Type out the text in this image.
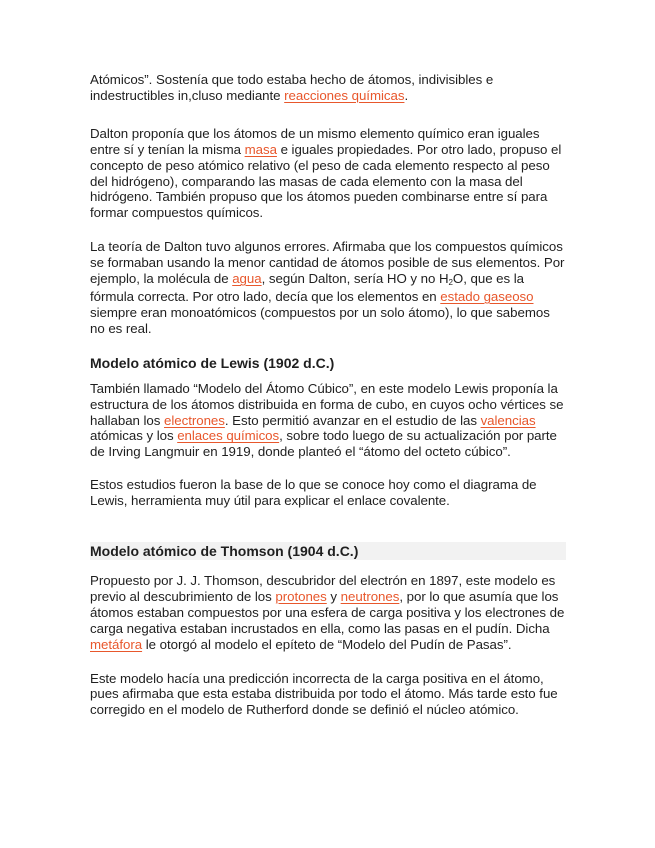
Atómicos”. Sostenía que todo estaba hecho de átomos, indivisibles e indestructibles in,cluso mediante reacciones químicas.

Dalton proponía que los átomos de un mismo elemento químico eran iguales entre sí y tenían la misma masa e iguales propiedades. Por otro lado, propuso el concepto de peso atómico relativo (el peso de cada elemento respecto al peso del hidrógeno), comparando las masas de cada elemento con la masa del hidrógeno. También propuso que los átomos pueden combinarse entre sí para formar compuestos químicos.

La teoría de Dalton tuvo algunos errores. Afirmaba que los compuestos químicos se formaban usando la menor cantidad de átomos posible de sus elementos. Por ejemplo, la molécula de agua, según Dalton, sería HO y no H2O, que es la fórmula correcta. Por otro lado, decía que los elementos en estado gaseoso siempre eran monoatómicos (compuestos por un solo átomo), lo que sabemos no es real.

Modelo atómico de Lewis (1902 d.C.)

También llamado “Modelo del Átomo Cúbico”, en este modelo Lewis proponía la estructura de los átomos distribuida en forma de cubo, en cuyos ocho vértices se hallaban los electrones. Esto permitió avanzar en el estudio de las valencias atómicas y los enlaces químicos, sobre todo luego de su actualización por parte de Irving Langmuir en 1919, donde planteó el “átomo del octeto cúbico”.

Estos estudios fueron la base de lo que se conoce hoy como el diagrama de Lewis, herramienta muy útil para explicar el enlace covalente.

Modelo atómico de Thomson (1904 d.C.)

Propuesto por J. J. Thomson, descubridor del electrón en 1897, este modelo es previo al descubrimiento de los protones y neutrones, por lo que asumía que los átomos estaban compuestos por una esfera de carga positiva y los electrones de carga negativa estaban incrustados en ella, como las pasas en el pudín. Dicha metáfora le otorgó al modelo el epíteto de “Modelo del Pudín de Pasas”.

Este modelo hacía una predicción incorrecta de la carga positiva en el átomo, pues afirmaba que esta estaba distribuida por todo el átomo. Más tarde esto fue corregido en el modelo de Rutherford donde se definió el núcleo atómico.
